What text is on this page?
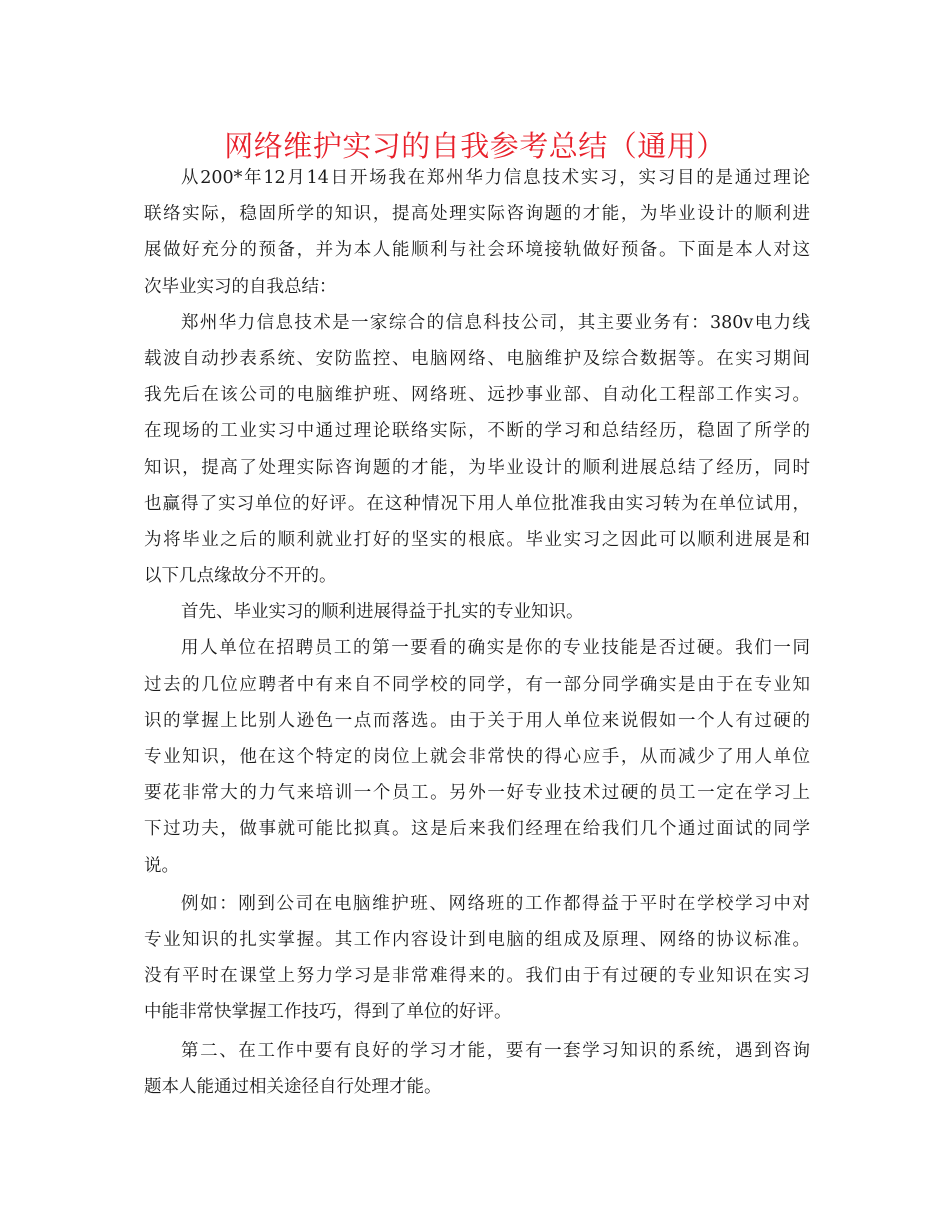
网络维护实习的自我参考总结（通用）
从200*年12月14日开场我在郑州华力信息技术实习，实习目的是通过理论
联络实际，稳固所学的知识，提高处理实际咨询题的才能，为毕业设计的顺利进
展做好充分的预备，并为本人能顺利与社会环境接轨做好预备。下面是本人对这
次毕业实习的自我总结：
郑州华力信息技术是一家综合的信息科技公司，其主要业务有：380v电力线
载波自动抄表系统、安防监控、电脑网络、电脑维护及综合数据等。在实习期间
我先后在该公司的电脑维护班、网络班、远抄事业部、自动化工程部工作实习。
在现场的工业实习中通过理论联络实际，不断的学习和总结经历，稳固了所学的
知识，提高了处理实际咨询题的才能，为毕业设计的顺利进展总结了经历，同时
也赢得了实习单位的好评。在这种情况下用人单位批准我由实习转为在单位试用，
为将毕业之后的顺利就业打好的坚实的根底。毕业实习之因此可以顺利进展是和
以下几点缘故分不开的。
首先、毕业实习的顺利进展得益于扎实的专业知识。
用人单位在招聘员工的第一要看的确实是你的专业技能是否过硬。我们一同
过去的几位应聘者中有来自不同学校的同学，有一部分同学确实是由于在专业知
识的掌握上比别人逊色一点而落选。由于关于用人单位来说假如一个人有过硬的
专业知识，他在这个特定的岗位上就会非常快的得心应手，从而减少了用人单位
要花非常大的力气来培训一个员工。另外一好专业技术过硬的员工一定在学习上
下过功夫，做事就可能比拟真。这是后来我们经理在给我们几个通过面试的同学
说。
例如：刚到公司在电脑维护班、网络班的工作都得益于平时在学校学习中对
专业知识的扎实掌握。其工作内容设计到电脑的组成及原理、网络的协议标准。
没有平时在课堂上努力学习是非常难得来的。我们由于有过硬的专业知识在实习
中能非常快掌握工作技巧，得到了单位的好评。
第二、在工作中要有良好的学习才能，要有一套学习知识的系统，遇到咨询
题本人能通过相关途径自行处理才能。
